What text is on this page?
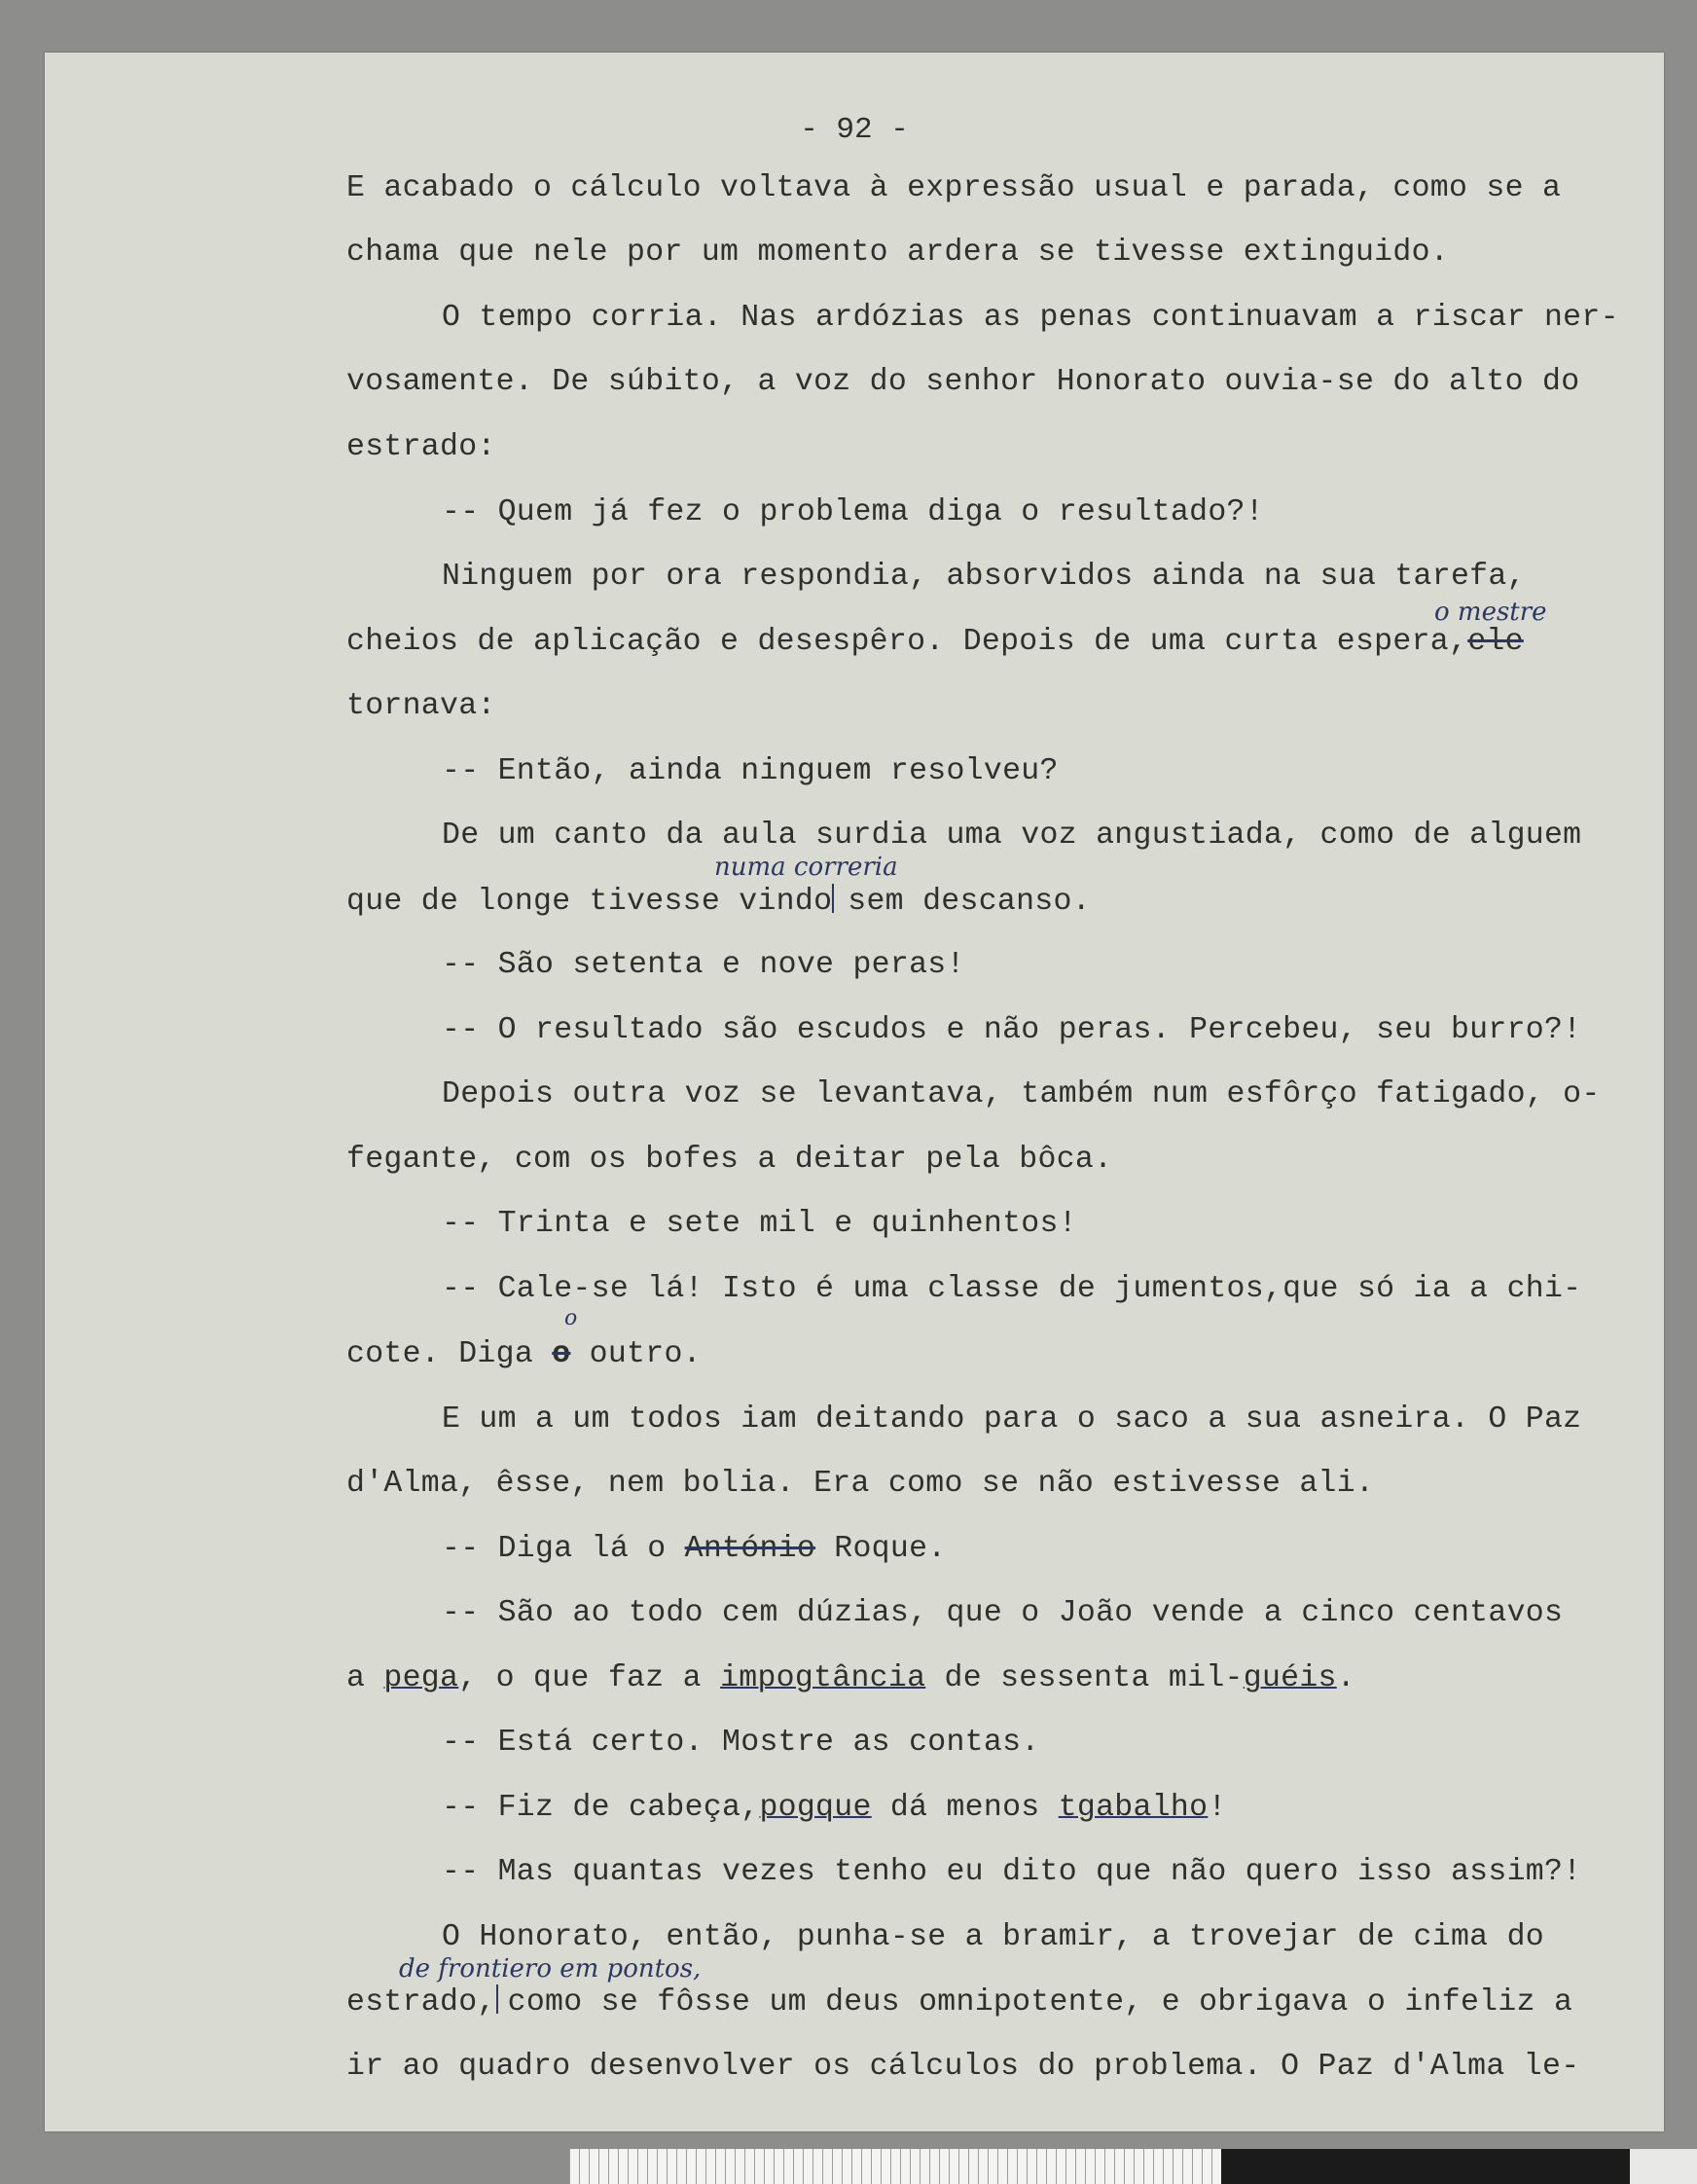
- 92 -
E acabado o cálculo voltava à expressão usual e parada, como se a
chama que nele por um momento ardera se tivesse extinguido.
O tempo corria. Nas ardózias as penas continuavam a riscar ner-
vosamente. De súbito, a voz do senhor Honorato ouvia-se do alto do
estrado:
-- Quem já fez o problema diga o resultado?!
Ninguem por ora respondia, absorvidos ainda na sua tarefa,
o mestre
cheios de aplicação e desespêro. Depois de uma curta espera,ele
tornava:
-- Então, ainda ninguem resolveu?
De um canto da aula surdia uma voz angustiada, como de alguem
numa correria
que de longe tivesse vindo sem descanso.
-- São setenta e nove peras!
-- O resultado são escudos e não peras. Percebeu, seu burro?!
Depois outra voz se levantava, também num esfôrço fatigado, o-
fegante, com os bofes a deitar pela bôca.
-- Trinta e sete mil e quinhentos!
-- Cale-se lá! Isto é uma classe de jumentos,que só ia a chi-
o
cote. Diga o outro.
E um a um todos iam deitando para o saco a sua asneira. O Paz
d'Alma, êsse, nem bolia. Era como se não estivesse ali.
-- Diga lá o António Roque.
-- São ao todo cem dúzias, que o João vende a cinco centavos
a pega, o que faz a impogtância de sessenta mil-guéis.
-- Está certo. Mostre as contas.
-- Fiz de cabeça,pogque dá menos tgabalho!
-- Mas quantas vezes tenho eu dito que não quero isso assim?!
O Honorato, então, punha-se a bramir, a trovejar de cima do
de frontiero em pontos,
estrado, como se fôsse um deus omnipotente, e obrigava o infeliz a
ir ao quadro desenvolver os cálculos do problema. O Paz d'Alma le-
